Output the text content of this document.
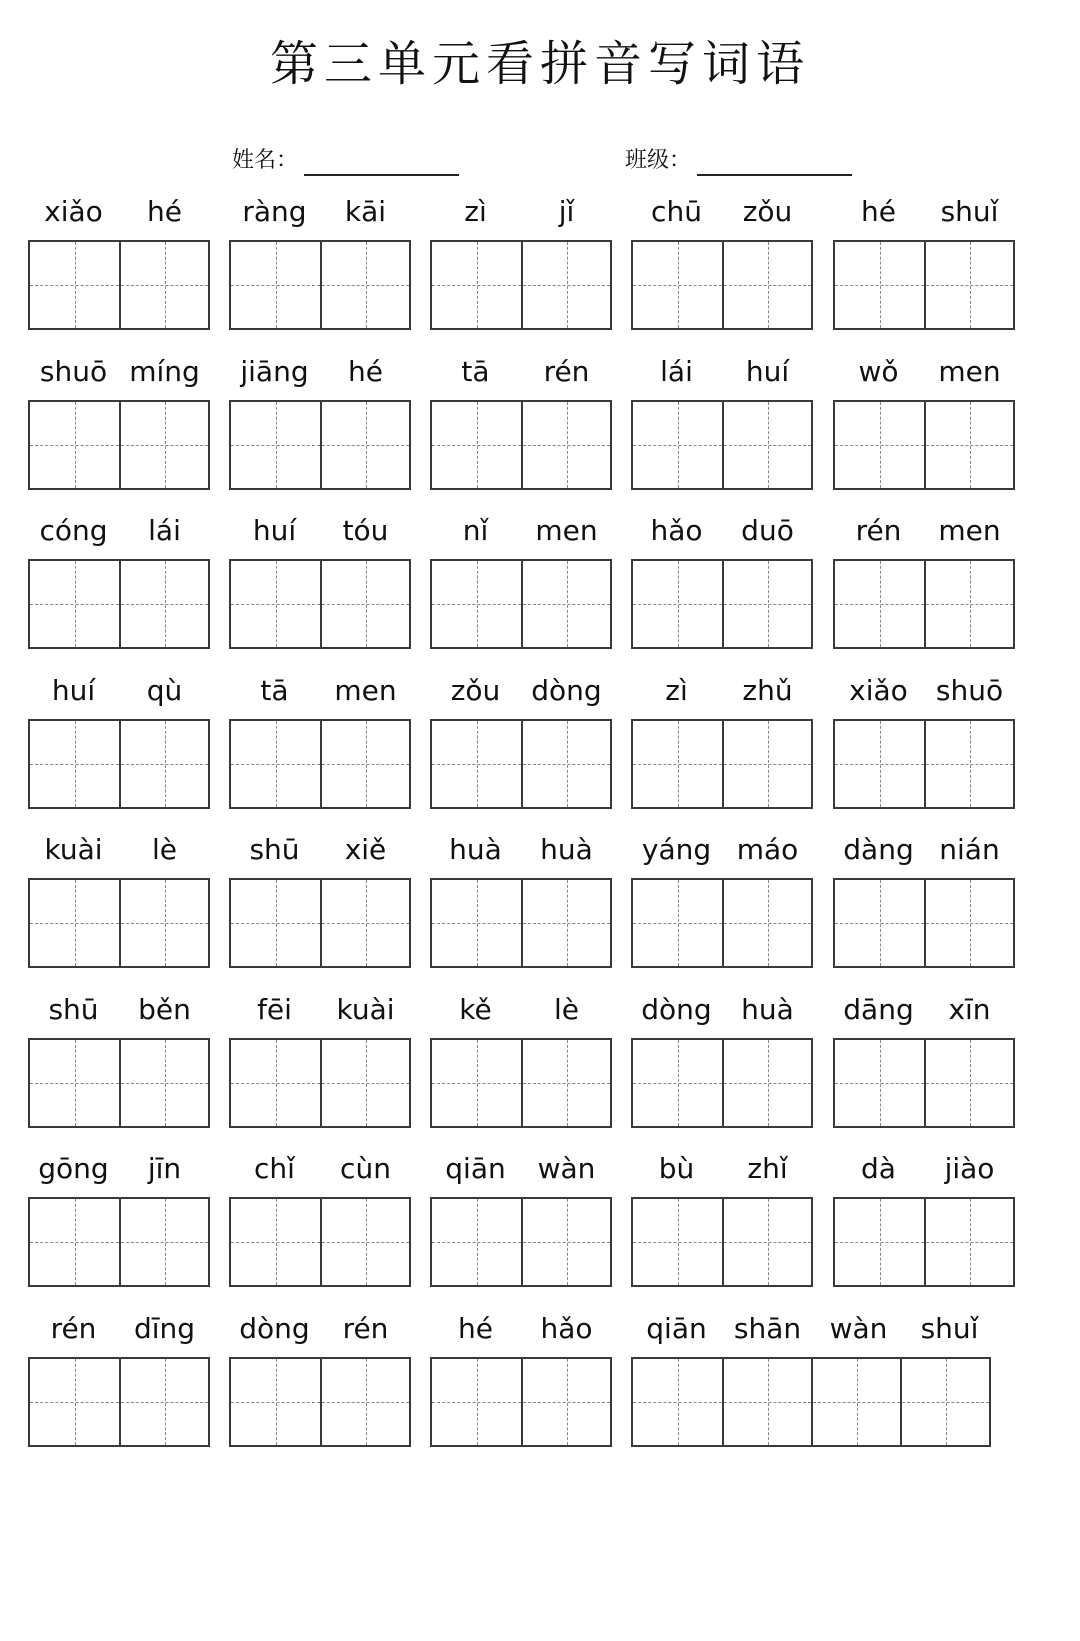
第三单元看拼音写词语
姓名：	班级：
xiǎo	hé	ràng	kāi	zì	jǐ	chū	zǒu	hé	shuǐ
shuō míng	jiāng	hé	tā	rén	lái	huí	wǒ	men
cóng	lái	huí	tóu	nǐ	men	hǎo	duō	rén	men
huí	qù	tā	men	zǒu	dòng	zì	zhǔ	xiǎo	shuō
kuài	lè	shū	xiě	huà	huà	yáng máo	dàng nián
shū	běn	fēi	kuài	kě	lè	dòng	huà	dāng	xīn
gōng	jīn	chǐ	cùn	qiān	wàn	bù	zhǐ	dà	jiào
rén	dīng	dòng	rén	hé	hǎo	qiān shān	wàn	shuǐ
